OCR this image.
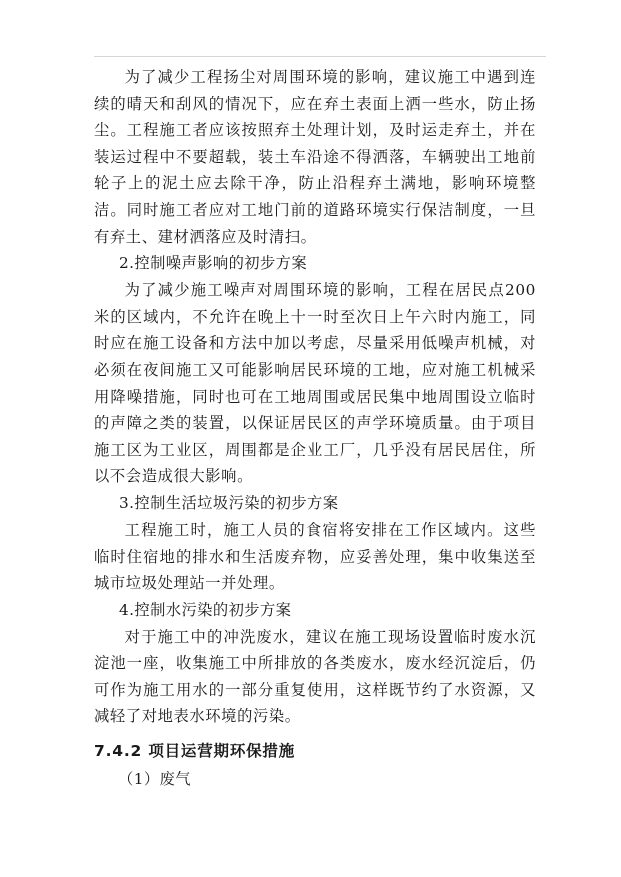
为了减少工程扬尘对周围环境的影响，建议施工中遇到连续的晴天和刮风的情况下，应在弃土表面上洒一些水，防止扬尘。工程施工者应该按照弃土处理计划，及时运走弃土，并在装运过程中不要超载，装土车沿途不得洒落，车辆驶出工地前轮子上的泥土应去除干净，防止沿程弃土满地，影响环境整洁。同时施工者应对工地门前的道路环境实行保洁制度，一旦有弃土、建材洒落应及时清扫。

2.控制噪声影响的初步方案

为了减少施工噪声对周围环境的影响，工程在居民点200米的区域内，不允许在晚上十一时至次日上午六时内施工，同时应在施工设备和方法中加以考虑，尽量采用低噪声机械，对必须在夜间施工又可能影响居民环境的工地，应对施工机械采用降噪措施，同时也可在工地周围或居民集中地周围设立临时的声障之类的装置，以保证居民区的声学环境质量。由于项目施工区为工业区，周围都是企业工厂，几乎没有居民居住，所以不会造成很大影响。

3.控制生活垃圾污染的初步方案

工程施工时，施工人员的食宿将安排在工作区域内。这些临时住宿地的排水和生活废弃物，应妥善处理，集中收集送至城市垃圾处理站一并处理。

4.控制水污染的初步方案

对于施工中的冲洗废水，建议在施工现场设置临时废水沉淀池一座，收集施工中所排放的各类废水，废水经沉淀后，仍可作为施工用水的一部分重复使用，这样既节约了水资源，又减轻了对地表水环境的污染。

7.4.2 项目运营期环保措施

（1）废气
